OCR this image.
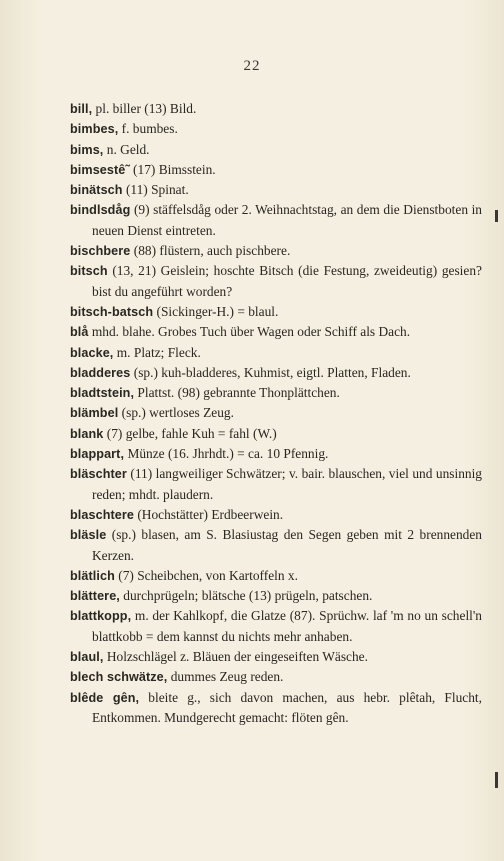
22

bill, pl. biller (13) Bild.

bimbes, f. bumbes.

bims, n. Geld.

bimsestê˜ (17) Bimsstein.

binätsch (11) Spinat.

bindlsdåg (9) stäffelsdåg oder 2. Weihnachtstag, an dem die Dienstboten in neuen Dienst eintreten.

bischbere (88) flüstern, auch pischbere.

bitsch (13, 21) Geislein; hoschte Bitsch (die Festung, zweideutig) gesien? bist du angeführt worden?

bitsch-batsch (Sickinger-H.) = blaul.

blå mhd. blahe. Grobes Tuch über Wagen oder Schiff als Dach.

blacke, m. Platz; Fleck.

bladderes (sp.) kuh-bladderes, Kuhmist, eigtl. Platten, Fladen.

bladtstein, Plattst. (98) gebrannte Thonplättchen.

blämbel (sp.) wertloses Zeug.

blank (7) gelbe, fahle Kuh = fahl (W.)

blappart, Münze (16. Jhrhdt.) = ca. 10 Pfennig.

bläschter (11) langweiliger Schwätzer; v. bair. blauschen, viel und unsinnig reden; mhdt. plaudern.

blaschtere (Hochstätter) Erdbeerwein.

bläsle (sp.) blasen, am S. Blasiustag den Segen geben mit 2 brennenden Kerzen.

blätlich (7) Scheibchen, von Kartoffeln x.

blättere, durchprügeln; blätsche (13) prügeln, patschen.

blattkopp, m. der Kahlkopf, die Glatze (87). Sprüchw. laf 'm no un schell'n blattkobb = dem kannst du nichts mehr anhaben.

blaul, Holzschlägel z. Bläuen der eingeseiften Wäsche.

blech schwätze, dummes Zeug reden.

blêde gên, bleite g., sich davon machen, aus hebr. plêtah, Flucht, Entkommen. Mundgerecht gemacht: flöten gên.
